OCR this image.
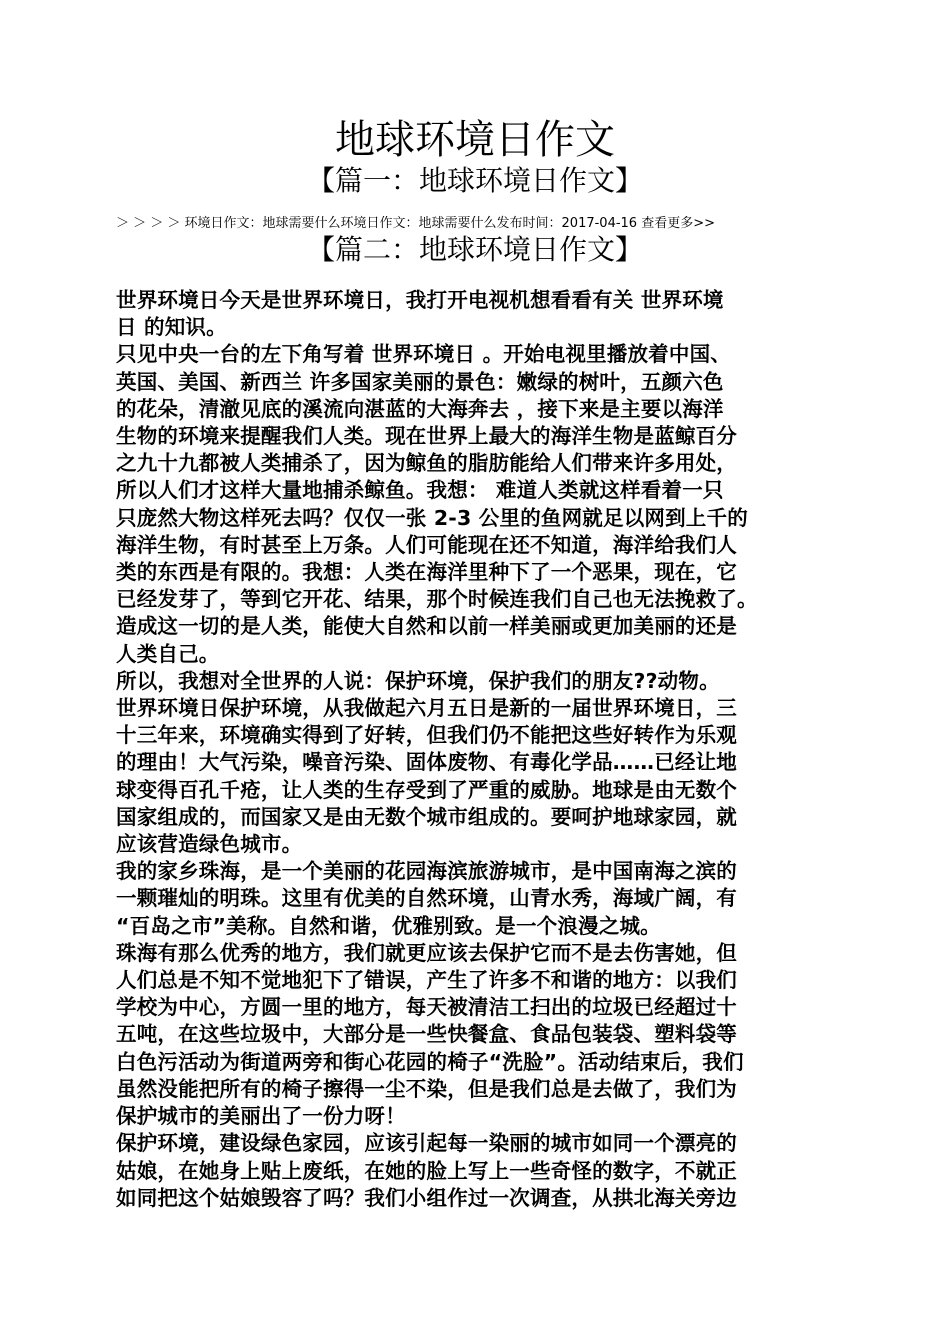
地球环境日作文
【篇一：地球环境日作文】

＞ ＞ ＞ ＞ 环境日作文：地球需要什么环境日作文：地球需要什么发布时间：2017-04-16 查看更多>>

【篇二：地球环境日作文】

世界环境日今天是世界环境日，我打开电视机想看看有关 世界环境

日 的知识。

只见中央一台的左下角写着 世界环境日 。开始电视里播放着中国、

英国、美国、新西兰 许多国家美丽的景色：嫩绿的树叶，五颜六色

的花朵，清澈见底的溪流向湛蓝的大海奔去 ，接下来是主要以海洋

生物的环境来提醒我们人类。现在世界上最大的海洋生物是蓝鲸百分

之九十九都被人类捕杀了，因为鲸鱼的脂肪能给人们带来许多用处，

所以人们才这样大量地捕杀鲸鱼。我想： 难道人类就这样看着一只

只庞然大物这样死去吗？仅仅一张 2-3 公里的鱼网就足以网到上千的

海洋生物，有时甚至上万条。人们可能现在还不知道，海洋给我们人

类的东西是有限的。我想：人类在海洋里种下了一个恶果，现在，它

已经发芽了，等到它开花、结果，那个时候连我们自己也无法挽救了。

造成这一切的是人类，能使大自然和以前一样美丽或更加美丽的还是

人类自己。

所以，我想对全世界的人说：保护环境，保护我们的朋友??动物。

世界环境日保护环境，从我做起六月五日是新的一届世界环境日，三

十三年来，环境确实得到了好转，但我们仍不能把这些好转作为乐观

的理由！大气污染，噪音污染、固体废物、有毒化学品……已经让地

球变得百孔千疮，让人类的生存受到了严重的威胁。地球是由无数个

国家组成的，而国家又是由无数个城市组成的。要呵护地球家园，就

应该营造绿色城市。

我的家乡珠海，是一个美丽的花园海滨旅游城市，是中国南海之滨的

一颗璀灿的明珠。这里有优美的自然环境，山青水秀，海域广阔，有

“百岛之市”美称。自然和谐，优雅别致。是一个浪漫之城。

珠海有那么优秀的地方，我们就更应该去保护它而不是去伤害她，但

人们总是不知不觉地犯下了错误，产生了许多不和谐的地方：以我们

学校为中心，方圆一里的地方，每天被清洁工扫出的垃圾已经超过十

五吨，在这些垃圾中，大部分是一些快餐盒、食品包装袋、塑料袋等

白色污活动为街道两旁和街心花园的椅子“洗脸”。活动结束后，我们

虽然没能把所有的椅子擦得一尘不染，但是我们总是去做了，我们为

保护城市的美丽出了一份力呀！

保护环境，建设绿色家园，应该引起每一染丽的城市如同一个漂亮的

姑娘，在她身上贴上废纸，在她的脸上写上一些奇怪的数字，不就正

如同把这个姑娘毁容了吗？我们小组作过一次调查，从拱北海关旁边
